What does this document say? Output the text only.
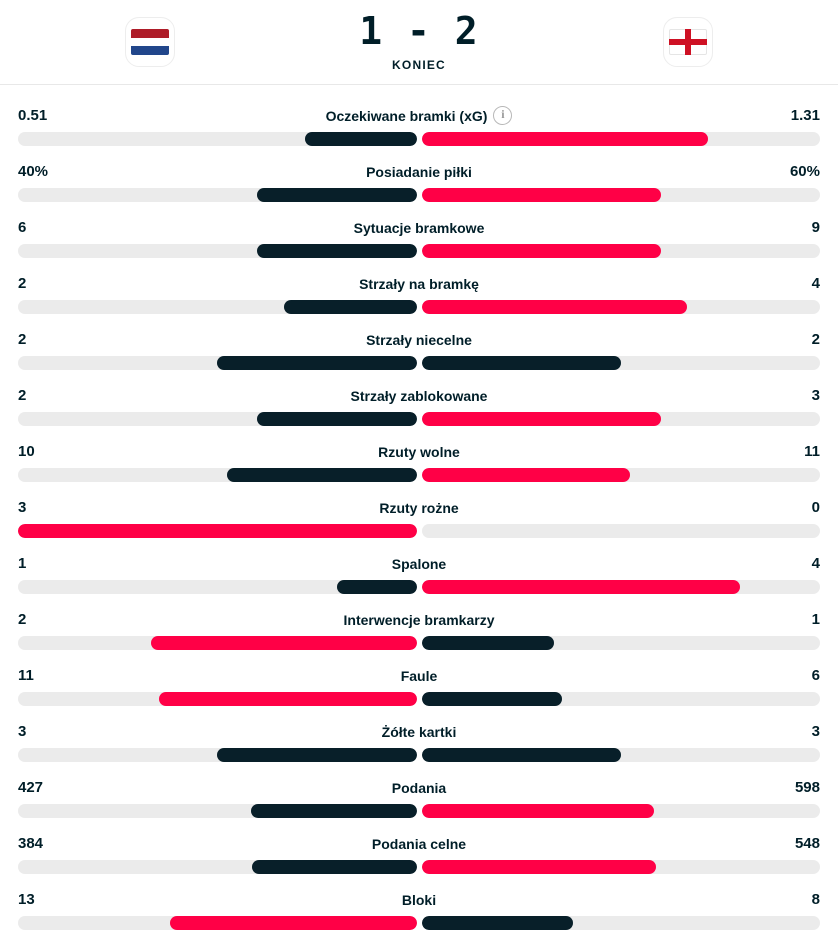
1 - 2
KONIEC
0.51	Oczekiwane bramki (xG)	i	1.31
40%	Posiadanie piłki	60%
6	Sytuacje bramkowe	9
2	Strzały na bramkę	4
2	Strzały niecelne	2
2	Strzały zablokowane	3
10	Rzuty wolne	11
3	Rzuty rożne	0
1	Spalone	4
2	Interwencje bramkarzy	1
11	Faule	6
3	Żółte kartki	3
427	Podania	598
384	Podania celne	548
13	Bloki	8
